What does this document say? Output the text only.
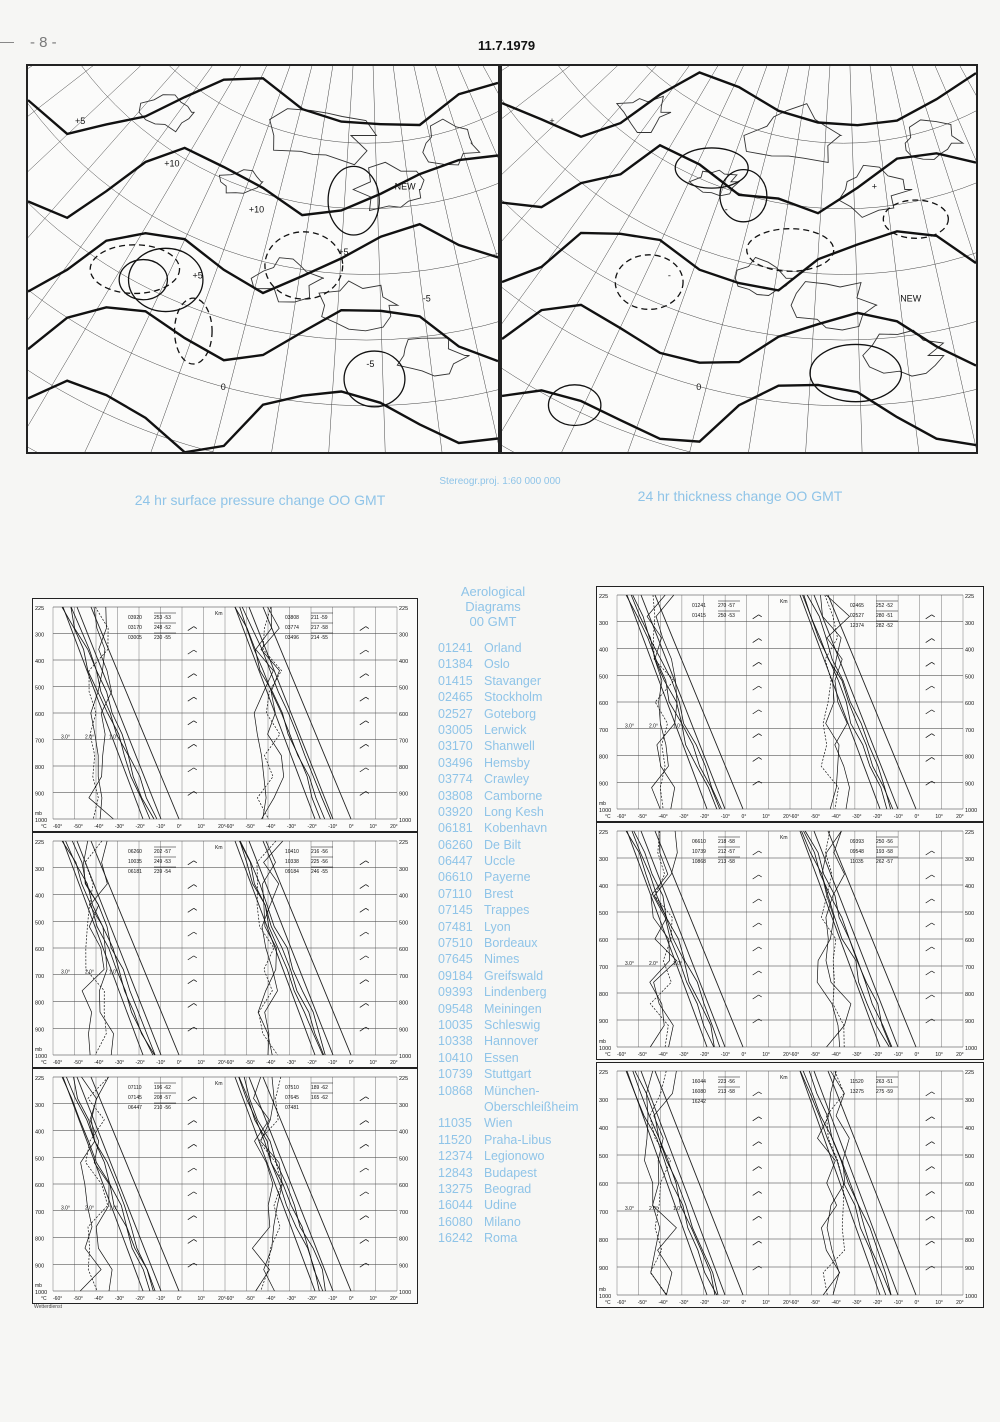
- 8 -	11.7.1979
+5
+10
-5
0
NEW
+5
-5
+10
+5
+
-
NEW
0
+
-
Stereogr.proj. 1:60 000 000
24 hr surface pressure change OO GMT	24 hr thickness change OO GMT
Aerological
Diagrams
00 GMT
01241 Orland
01384 Oslo
01415 Stavanger
02465 Stockholm
02527 Goteborg
03005 Lerwick
03170 Shanwell
03496 Hemsby
03774 Crawley
03808 Camborne
03920 Long Kesh
06181 Kobenhavn
06260 De Bilt
06447 Uccle
06610 Payerne
07110 Brest
07145 Trappes
07481 Lyon
07510 Bordeaux
07645 Nimes
09184 Greifswald
09393 Lindenberg
09548 Meiningen
10035 Schleswig
10338 Hannover
10410 Essen
10739 Stuttgart
10868 München-
Oberschleißheim
11035 Wien
11520 Praha-Libus
12374 Legionowo
12843 Budapest
13275 Beograd
16044 Udine
16080 Milano
16242 Roma
225	225
300	300
400	400
500	500
600	600
700	700
800	800
900	900
1000	1000
-60°	-60°
-50°	-50°
-40°	-40°
-30°	-30°
-20°	-20°
-10°	-10°
0°	0°
10°	10°
20°	20°
3.0°	2.0°	1.0°
03920 253 -53
03170 248 -52
03005 230 -55
03808 211 -59
03774 217 -58
03496 214 -55
Km
mb
°C
225	225
300	300
400	400
500	500
600	600
700	700
800	800
900	900
1000	1000
-60°	-60°
-50°	-50°
-40°	-40°
-30°	-30°
-20°	-20°
-10°	-10°
0°	0°
10°	10°
20°	20°
3.0°	2.0°	1.0°
06260 202 -57
10035 249 -53
06181 239 -54
10410 216 -56
10338 225 -56
09184 246 -55
Km
mb
°C
225	225
300	300
400	400
500	500
600	600
700	700
800	800
900	900
1000	1000
-60°	-60°
-50°	-50°
-40°	-40°
-30°	-30°
-20°	-20°
-10°	-10°
0°	0°
10°	10°
20°	20°
3.0°	2.0°	1.0°
07110 196 -62
07145 208 -57
06447 210 -56
07510 189 -62
07645 165 -62
07481
Km
mb
°C
225	225
300	300
400	400
500	500
600	600
700	700
800	800
900	900
1000	1000
-60°	-60°
-50°	-50°
-40°	-40°
-30°	-30°
-20°	-20°
-10°	-10°
0°	0°
10°	10°
20°	20°
3.0°	2.0°	1.0°
01241 270 -57
01415 250 -53
02465 252 -52
02527 280 -51
12374 282 -52
Km
mb
°C
225	225
300	300
400	400
500	500
600	600
700	700
800	800
900	900
1000	1000
-60°	-60°
-50°	-50°
-40°	-40°
-30°	-30°
-20°	-20°
-10°	-10°
0°	0°
10°	10°
20°	20°
3.0°	2.0°	1.0°
06610 218 -58
10739 212 -57
10868 213 -58
09393 250 -56
09548 193 -58
11035 262 -57
Km
mb
°C
225	225
300	300
400	400
500	500
600	600
700	700
800	800
900	900
1000	1000
-60°	-60°
-50°	-50°
-40°	-40°
-30°	-30°
-20°	-20°
-10°	-10°
0°	0°
10°	10°
20°	20°
3.0°	2.0°	1.0°
16044 223 -56
16080 213 -58
16242
11520 263 -51
13275 275 -59
Km
mb
°C
Wetterdienst
